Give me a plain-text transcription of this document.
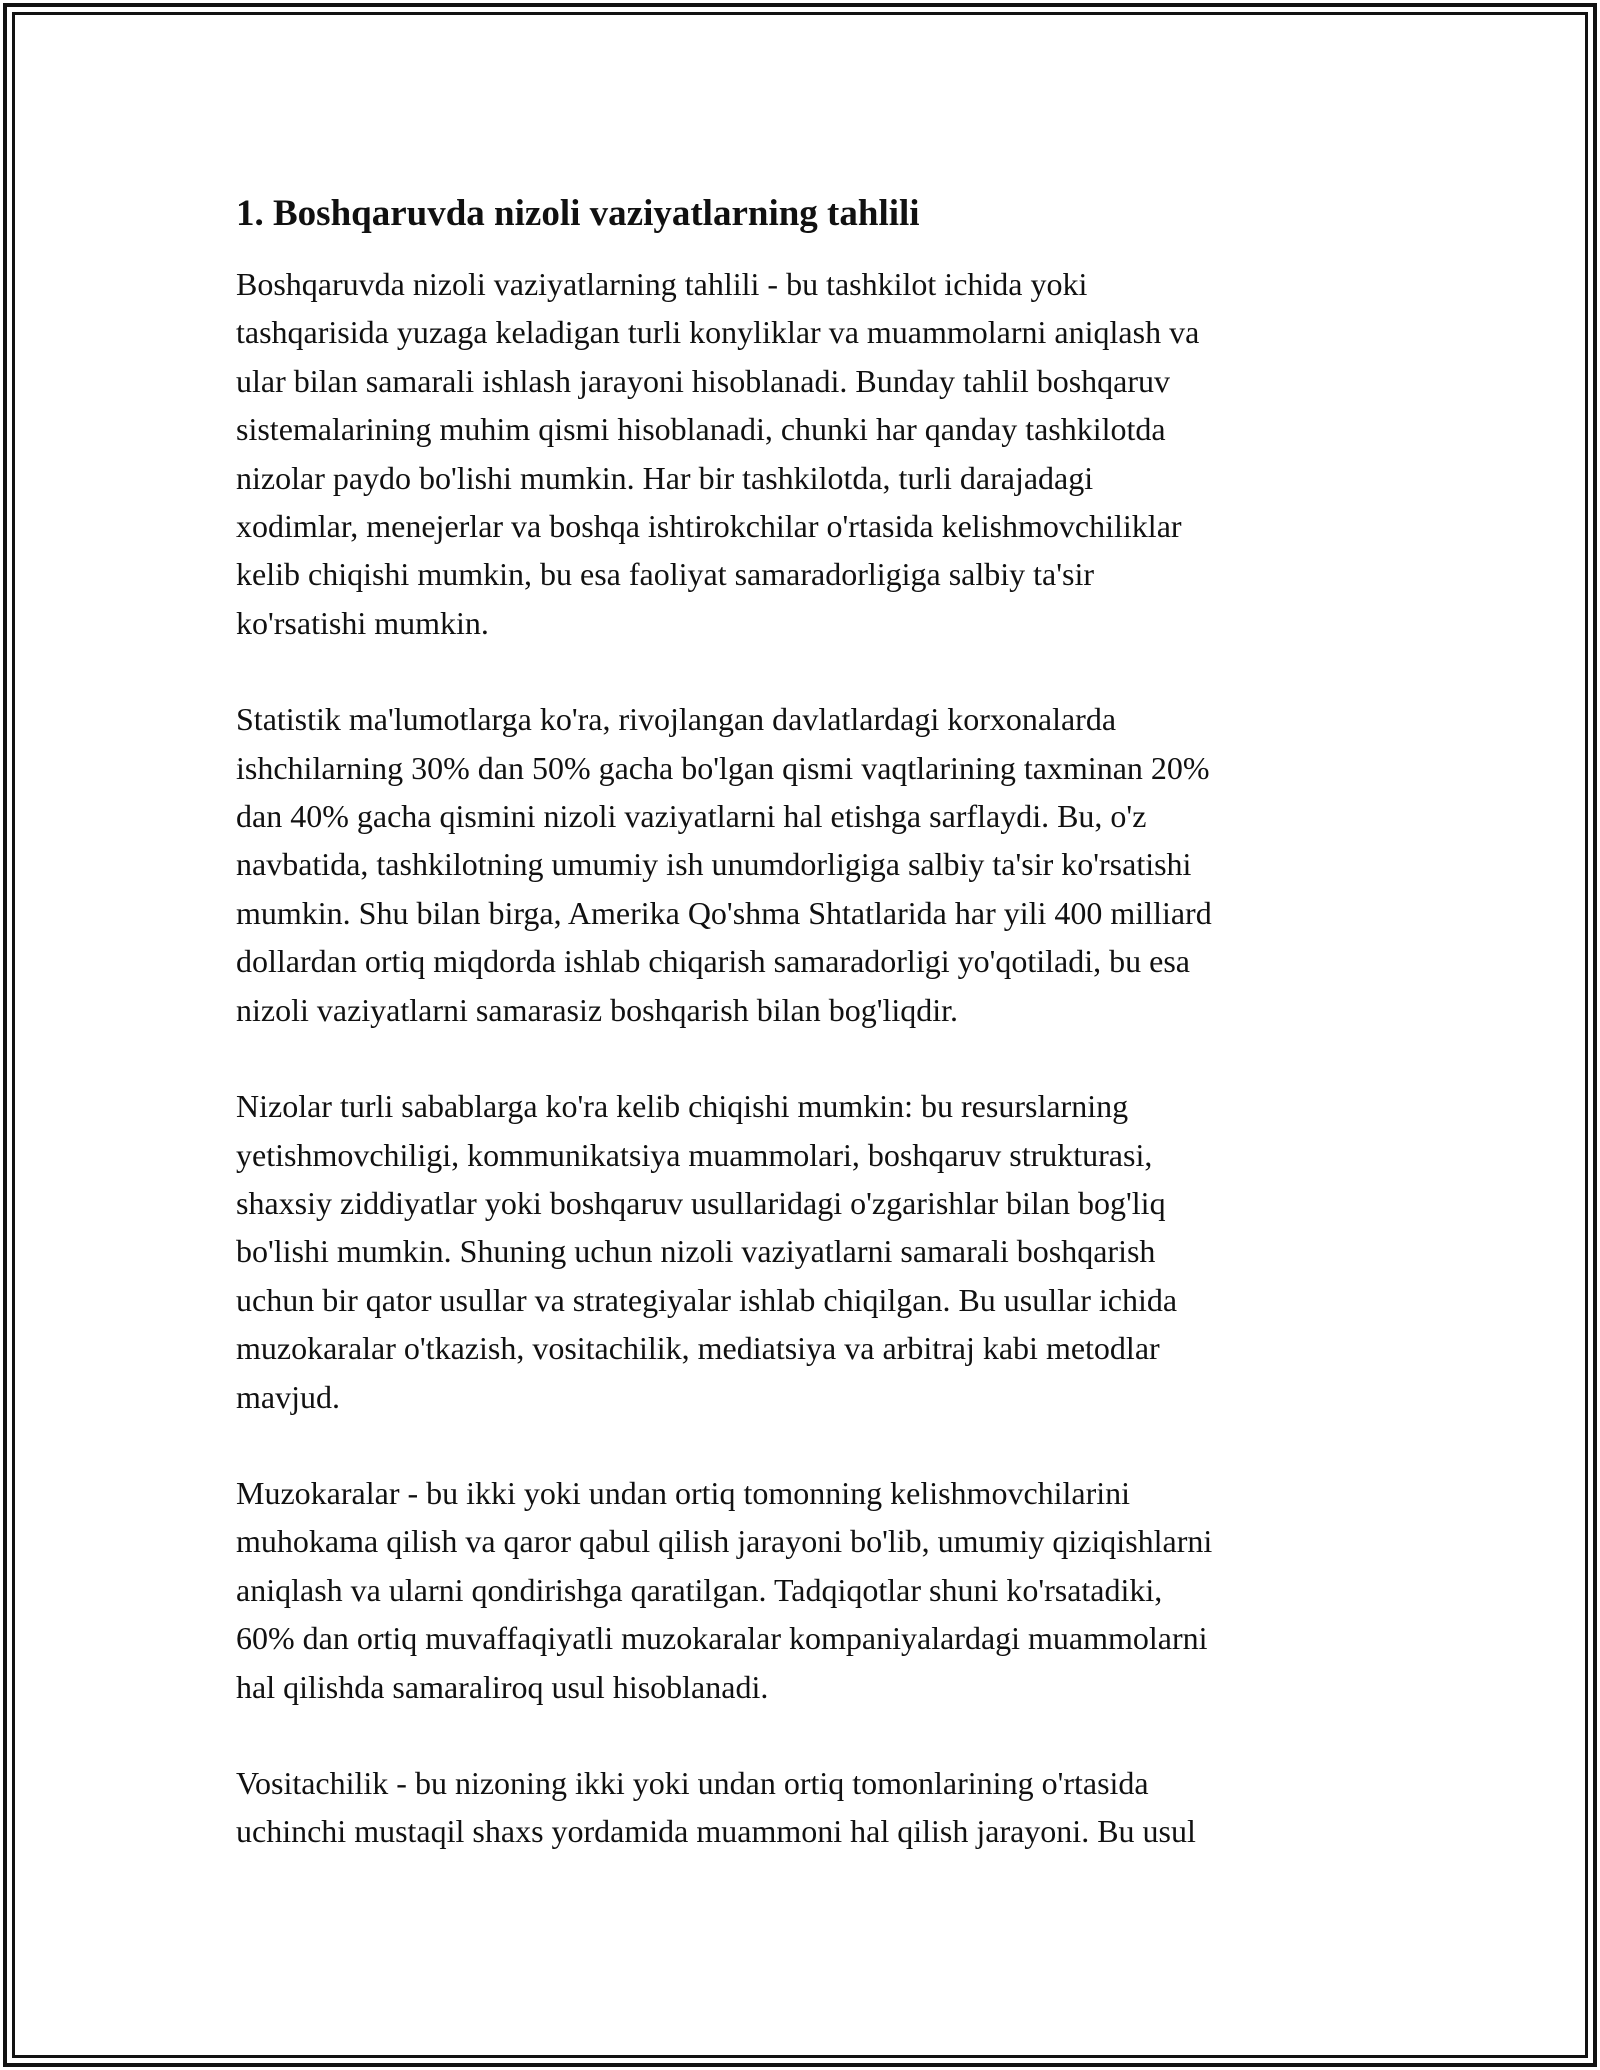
1. Boshqaruvda nizoli vaziyatlarning tahlili

Boshqaruvda nizoli vaziyatlarning tahlili - bu tashkilot ichida yoki
tashqarisida yuzaga keladigan turli konyliklar va muammolarni aniqlash va
ular bilan samarali ishlash jarayoni hisoblanadi. Bunday tahlil boshqaruv
sistemalarining muhim qismi hisoblanadi, chunki har qanday tashkilotda
nizolar paydo bo'lishi mumkin. Har bir tashkilotda, turli darajadagi
xodimlar, menejerlar va boshqa ishtirokchilar o'rtasida kelishmovchiliklar
kelib chiqishi mumkin, bu esa faoliyat samaradorligiga salbiy ta'sir
ko'rsatishi mumkin.

Statistik ma'lumotlarga ko'ra, rivojlangan davlatlardagi korxonalarda
ishchilarning 30% dan 50% gacha bo'lgan qismi vaqtlarining taxminan 20%
dan 40% gacha qismini nizoli vaziyatlarni hal etishga sarflaydi. Bu, o'z
navbatida, tashkilotning umumiy ish unumdorligiga salbiy ta'sir ko'rsatishi
mumkin. Shu bilan birga, Amerika Qo'shma Shtatlarida har yili 400 milliard
dollardan ortiq miqdorda ishlab chiqarish samaradorligi yo'qotiladi, bu esa
nizoli vaziyatlarni samarasiz boshqarish bilan bog'liqdir.

Nizolar turli sabablarga ko'ra kelib chiqishi mumkin: bu resurslarning
yetishmovchiligi, kommunikatsiya muammolari, boshqaruv strukturasi,
shaxsiy ziddiyatlar yoki boshqaruv usullaridagi o'zgarishlar bilan bog'liq
bo'lishi mumkin. Shuning uchun nizoli vaziyatlarni samarali boshqarish
uchun bir qator usullar va strategiyalar ishlab chiqilgan. Bu usullar ichida
muzokaralar o'tkazish, vositachilik, mediatsiya va arbitraj kabi metodlar
mavjud.

Muzokaralar - bu ikki yoki undan ortiq tomonning kelishmovchilarini
muhokama qilish va qaror qabul qilish jarayoni bo'lib, umumiy qiziqishlarni
aniqlash va ularni qondirishga qaratilgan. Tadqiqotlar shuni ko'rsatadiki,
60% dan ortiq muvaffaqiyatli muzokaralar kompaniyalardagi muammolarni
hal qilishda samaraliroq usul hisoblanadi.

Vositachilik - bu nizoning ikki yoki undan ortiq tomonlarining o'rtasida
uchinchi mustaqil shaxs yordamida muammoni hal qilish jarayoni. Bu usul
